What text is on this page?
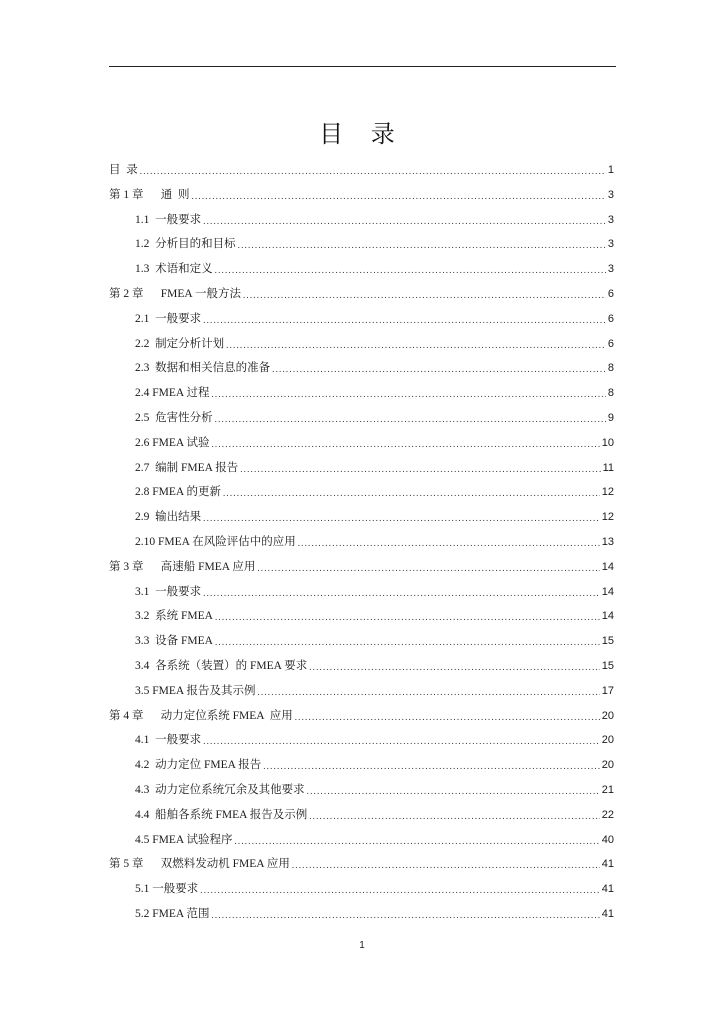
目 录
目  录 .....	1
第 1 章      通  则 .....	3
1.1  一般要求 .....	3
1.2  分析目的和目标 .....	3
1.3  术语和定义 .....	3
第 2 章      FMEA 一般方法 .....	6
2.1  一般要求 .....	6
2.2  制定分析计划 .....	6
2.3  数据和相关信息的准备 .....	8
2.4 FMEA 过程 .....	8
2.5  危害性分析 .....	9
2.6 FMEA 试验 .....	10
2.7  编制 FMEA 报告 .....	11
2.8 FMEA 的更新 .....	12
2.9  输出结果 .....	12
2.10 FMEA 在风险评估中的应用 .....	13
第 3 章      高速船 FMEA 应用 .....	14
3.1  一般要求 .....	14
3.2  系统 FMEA .....	14
3.3  设备 FMEA .....	15
3.4  各系统（装置）的 FMEA 要求 .....	15
3.5 FMEA 报告及其示例 .....	17
第 4 章      动力定位系统 FMEA  应用 .....	20
4.1  一般要求 .....	20
4.2  动力定位 FMEA 报告 .....	20
4.3  动力定位系统冗余及其他要求 .....	21
4.4  船舶各系统 FMEA 报告及示例 .....	22
4.5 FMEA 试验程序 .....	40
第 5 章      双燃料发动机 FMEA 应用 .....	41
5.1 一般要求 .....	41
5.2 FMEA 范围 .....	41
1
